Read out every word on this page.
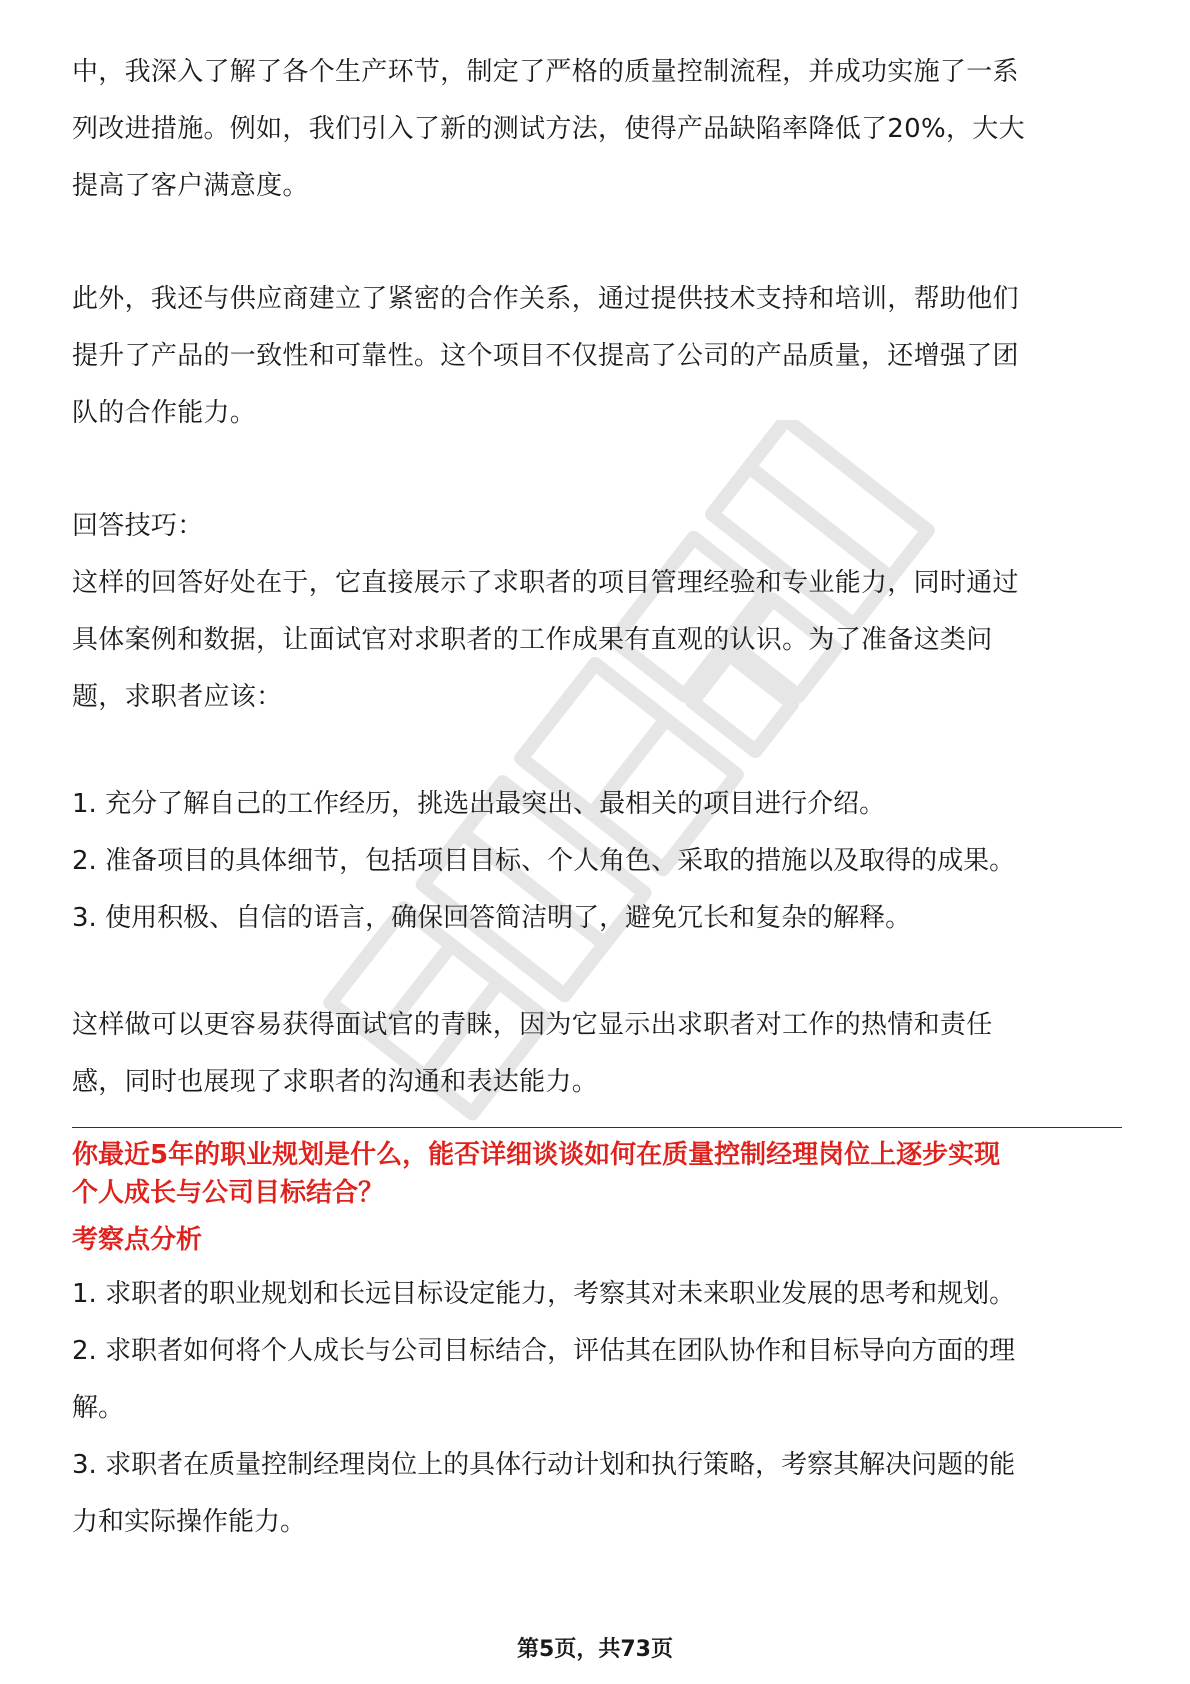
中，我深入了解了各个生产环节，制定了严格的质量控制流程，并成功实施了一系
列改进措施。例如，我们引入了新的测试方法，使得产品缺陷率降低了20%，大大
提高了客户满意度。

此外，我还与供应商建立了紧密的合作关系，通过提供技术支持和培训，帮助他们
提升了产品的一致性和可靠性。这个项目不仅提高了公司的产品质量，还增强了团
队的合作能力。

回答技巧：

这样的回答好处在于，它直接展示了求职者的项目管理经验和专业能力，同时通过
具体案例和数据，让面试官对求职者的工作成果有直观的认识。为了准备这类问
题，求职者应该：

1. 充分了解自己的工作经历，挑选出最突出、最相关的项目进行介绍。

2. 准备项目的具体细节，包括项目目标、个人角色、采取的措施以及取得的成果。

3. 使用积极、自信的语言，确保回答简洁明了，避免冗长和复杂的解释。

这样做可以更容易获得面试官的青睐，因为它显示出求职者对工作的热情和责任
感，同时也展现了求职者的沟通和表达能力。

你最近5年的职业规划是什么，能否详细谈谈如何在质量控制经理岗位上逐步实现
个人成长与公司目标结合？

考察点分析

1. 求职者的职业规划和长远目标设定能力，考察其对未来职业发展的思考和规划。

2. 求职者如何将个人成长与公司目标结合，评估其在团队协作和目标导向方面的理
解。

3. 求职者在质量控制经理岗位上的具体行动计划和执行策略，考察其解决问题的能
力和实际操作能力。

第5页，共73页
